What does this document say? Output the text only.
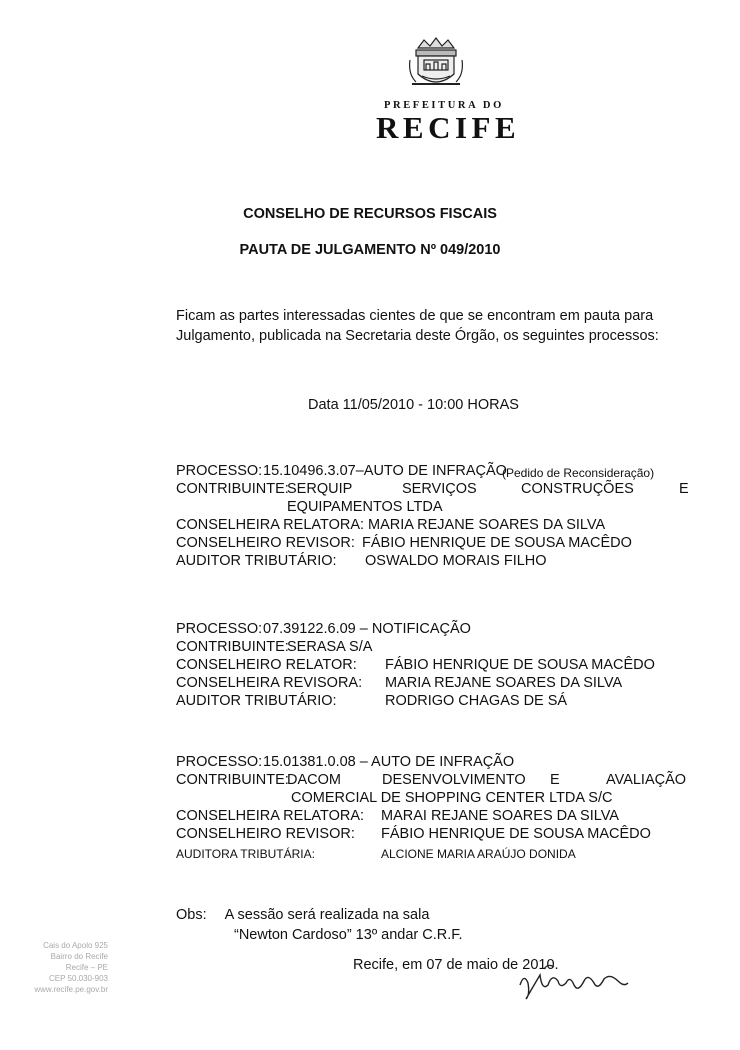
PREFEITURA DO
RECIFE
CONSELHO DE RECURSOS FISCAIS
PAUTA DE JULGAMENTO Nº 049/2010
Ficam as partes interessadas cientes de que se encontram em pauta para Julgamento, publicada na Secretaria deste Órgão, os seguintes processos:
Data 11/05/2010 - 10:00 HORAS
PROCESSO: 15.10496.3.07–AUTO DE INFRAÇÃO
(Pedido de Reconsideração)
CONTRIBUINTE:
SERQUIP	SERVIÇOS	CONSTRUÇÕES	E
EQUIPAMENTOS LTDA
CONSELHEIRA RELATORA: MARIA REJANE SOARES DA SILVA
CONSELHEIRO REVISOR: FÁBIO HENRIQUE DE SOUSA MACÊDO
AUDITOR TRIBUTÁRIO: OSWALDO MORAIS FILHO
PROCESSO: 07.39122.6.09 – NOTIFICAÇÃO
CONTRIBUINTE:
SERASA S/A
CONSELHEIRO RELATOR: FÁBIO HENRIQUE DE SOUSA MACÊDO
CONSELHEIRA REVISORA: MARIA REJANE SOARES DA SILVA
AUDITOR TRIBUTÁRIO:	RODRIGO CHAGAS DE SÁ
PROCESSO: 15.01381.0.08 – AUTO DE INFRAÇÃO
CONTRIBUINTE:
DACOM	DESENVOLVIMENTO E	AVALIAÇÃO
COMERCIAL DE SHOPPING CENTER LTDA S/C
CONSELHEIRA RELATORA: MARAI REJANE SOARES DA SILVA
CONSELHEIRO REVISOR: FÁBIO HENRIQUE DE SOUSA MACÊDO
AUDITORA TRIBUTÁRIA:	ALCIONE MARIA ARAÚJO DONIDA
Obs: A sessão será realizada na sala
“Newton Cardoso” 13º andar C.R.F.
Recife, em 07 de maio de 2010.
Cais do Apolo 925
Bairro do Recife
Recife – PE
CEP 50.030-903
www.recife.pe.gov.br
